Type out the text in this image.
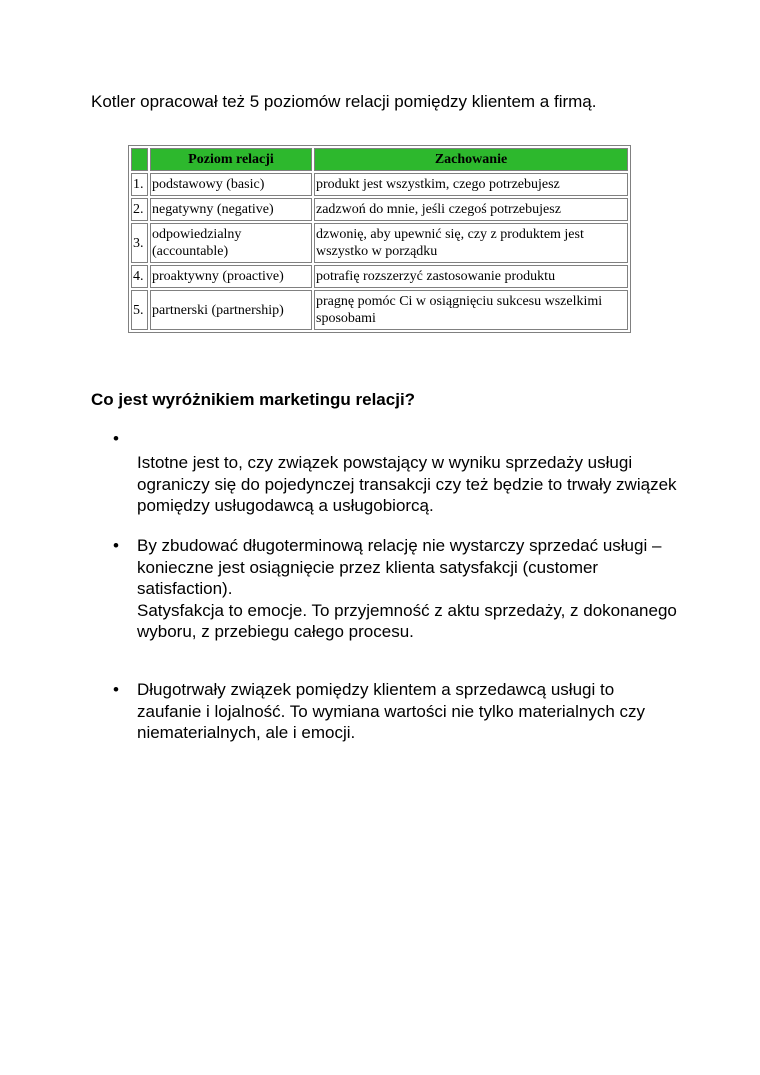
Kotler opracował też 5 poziomów relacji pomiędzy klientem a firmą.

	Poziom relacji	Zachowanie
1.	podstawowy (basic)	produkt jest wszystkim, czego potrzebujesz
2.	negatywny (negative)	zadzwoń do mnie, jeśli czegoś potrzebujesz
3.	odpowiedzialny (accountable)	dzwonię, aby upewnić się, czy z produktem jest wszystko w porządku
4.	proaktywny (proactive)	potrafię rozszerzyć zastosowanie produktu
5.	partnerski (partnership)	pragnę pomóc Ci w osiągnięciu sukcesu wszelkimi sposobami
Co jest wyróżnikiem marketingu relacji?
•

Istotne jest to, czy związek powstający w wyniku sprzedaży usługi ograniczy się do pojedynczej transakcji czy też będzie to trwały związek pomiędzy usługodawcą a usługobiorcą.

• By zbudować długoterminową relację nie wystarczy sprzedać usługi – konieczne jest osiągnięcie przez klienta satysfakcji (customer satisfaction).

Satysfakcja to emocje. To przyjemność z aktu sprzedaży, z dokonanego wyboru, z przebiegu całego procesu.

• Długotrwały związek pomiędzy klientem a sprzedawcą usługi to zaufanie i lojalność. To wymiana wartości nie tylko materialnych czy niematerialnych, ale i emocji.
